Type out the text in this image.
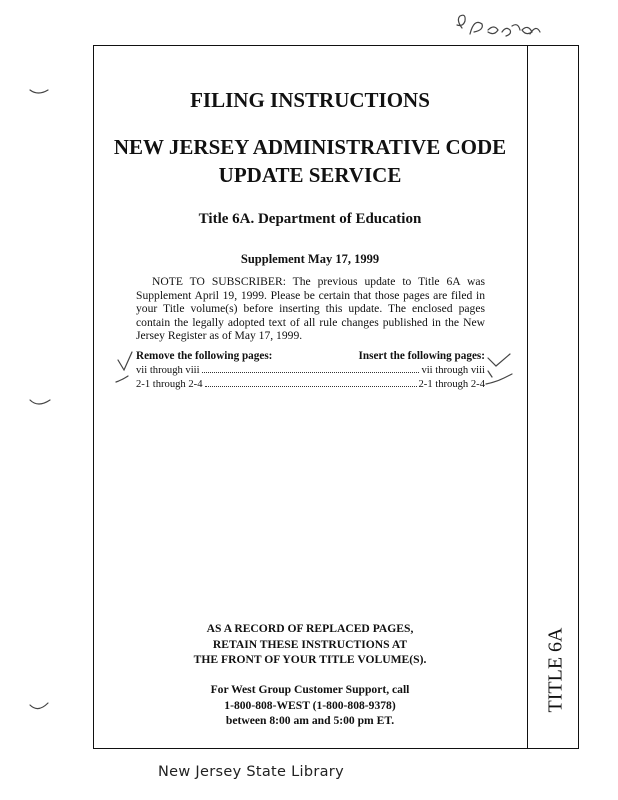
FILING INSTRUCTIONS
NEW JERSEY ADMINISTRATIVE CODE
UPDATE SERVICE
Title 6A. Department of Education
Supplement May 17, 1999
NOTE TO SUBSCRIBER: The previous update to Title 6A was Supplement April 19, 1999. Please be certain that those pages are filed in your Title volume(s) before inserting this update. The enclosed pages contain the legally adopted text of all rule changes published in the New Jersey Register as of May 17, 1999.
Remove the following pages:	Insert the following pages:
vii through viii	vii through viii
2-1 through 2-4	2-1 through 2-4
AS A RECORD OF REPLACED PAGES,
RETAIN THESE INSTRUCTIONS AT
THE FRONT OF YOUR TITLE VOLUME(S).
For West Group Customer Support, call
1-800-808-WEST (1-800-808-9378)
between 8:00 am and 5:00 pm ET.
TITLE 6A
New Jersey State Library
